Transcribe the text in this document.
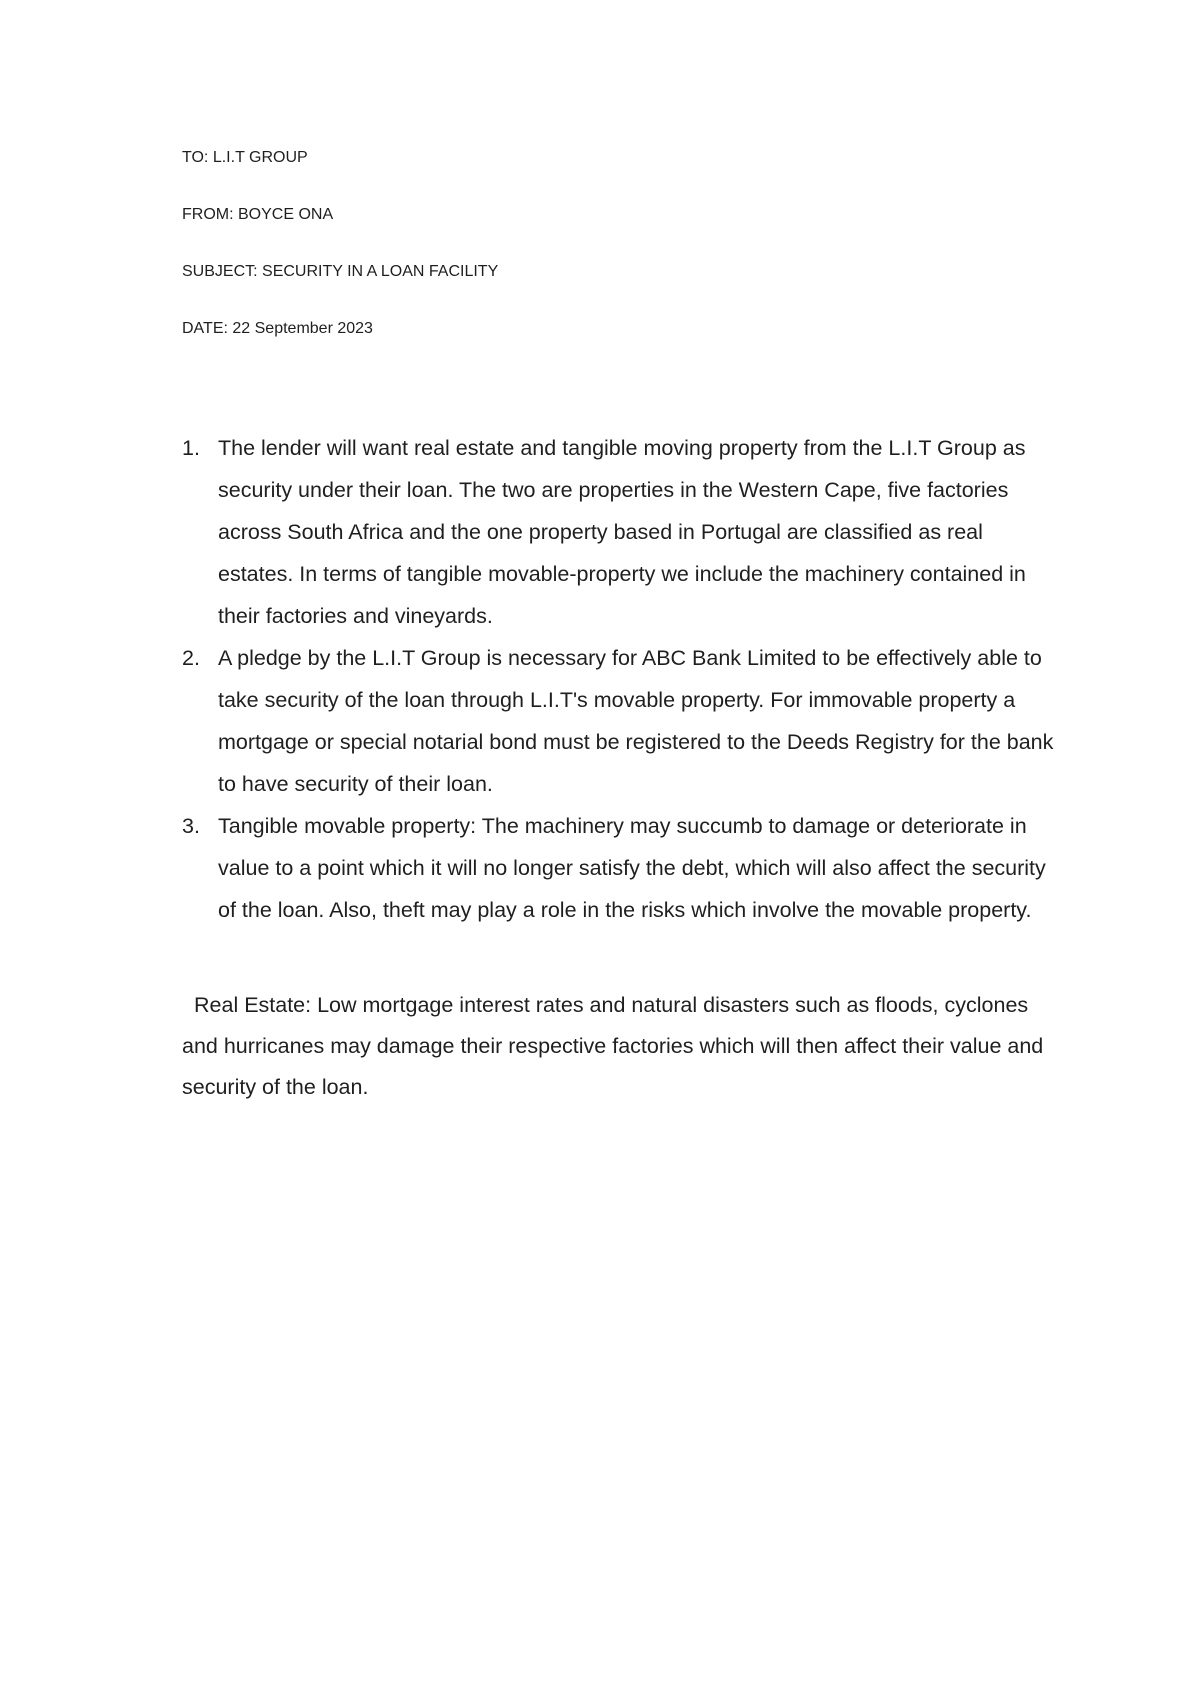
TO: L.I.T GROUP
FROM: BOYCE ONA
SUBJECT: SECURITY IN A LOAN FACILITY
DATE: 22 September 2023
1. The lender will want real estate and tangible moving property from the L.I.T Group as security under their loan. The two are properties in the Western Cape, five factories across South Africa and the one property based in Portugal are classified as real estates. In terms of tangible movable-property we include the machinery contained in their factories and vineyards.
2. A pledge by the L.I.T Group is necessary for ABC Bank Limited to be effectively able to take security of the loan through L.I.T's movable property. For immovable property a mortgage or special notarial bond must be registered to the Deeds Registry for the bank to have security of their loan.
3. Tangible movable property: The machinery may succumb to damage or deteriorate in value to a point which it will no longer satisfy the debt, which will also affect the security of the loan. Also, theft may play a role in the risks which involve the movable property.

Real Estate: Low mortgage interest rates and natural disasters such as floods, cyclones and hurricanes may damage their respective factories which will then affect their value and security of the loan.
